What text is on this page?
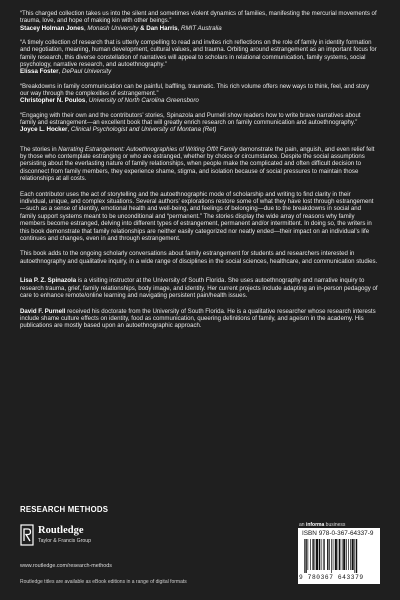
“This charged collection takes us into the silent and sometimes violent dynamics of families, manifesting the mercurial movements of trauma, love, and hope of making kin with other beings.”

Stacey Holman Jones, Monash University & Dan Harris, RMIT Australia

“A timely collection of research that is utterly compelling to read and invites rich reflections on the role of family in identity formation and negotiation, meaning, human development, cultural values, and trauma. Orbiting around estrangement as an important focus for family research, this diverse constellation of narratives will appeal to scholars in relational communication, family systems, social psychology, narrative research, and autoethnography.”

Elissa Foster, DePaul University

“Breakdowns in family communication can be painful, baffling, traumatic. This rich volume offers new ways to think, feel, and story our way through the complexities of estrangement.”

Christopher N. Poulos, University of North Carolina Greensboro

“Engaging with their own and the contributors’ stories, Spinazola and Purnell show readers how to write brave narratives about family and estrangement—an excellent book that will greatly enrich research on family communication and autoethnography.”

Joyce L. Hocker, Clinical Psychologist and University of Montana (Ret)

The stories in Narrating Estrangement: Autoethnographies of Writing Off/t Family demonstrate the pain, anguish, and even relief felt by those who contemplate estranging or who are estranged, whether by choice or circumstance. Despite the social assumptions persisting about the everlasting nature of family relationships, when people make the complicated and often difficult decision to disconnect from family members, they experience shame, stigma, and isolation because of social pressures to maintain those relationships at all costs.

Each contributor uses the act of storytelling and the autoethnographic mode of scholarship and writing to find clarity in their individual, unique, and complex situations. Several authors’ explorations restore some of what they have lost through estrangement—such as a sense of identity, emotional health and well-being, and feelings of belonging—due to the breakdowns in social and family support systems meant to be unconditional and “permanent.” The stories display the wide array of reasons why family members become estranged, delving into different types of estrangement, permanent and/or intermittent. In doing so, the writers in this book demonstrate that family relationships are neither easily categorized nor neatly ended—their impact on an individual’s life continues and changes, even in and through estrangement.

This book adds to the ongoing scholarly conversations about family estrangement for students and researchers interested in autoethnography and qualitative inquiry, in a wide range of disciplines in the social sciences, healthcare, and communication studies.

Lisa P. Z. Spinazola is a visiting instructor at the University of South Florida. She uses autoethnography and narrative inquiry to research trauma, grief, family relationships, body image, and identity. Her current projects include adapting an in-person pedagogy of care to enhance remote/online learning and navigating persistent pain/health issues.

David F. Purnell received his doctorate from the University of South Florida. He is a qualitative researcher whose research interests include shame culture effects on identity, food as communication, queering definitions of family, and ageism in the academy. His publications are mostly based upon an autoethnographic approach.

RESEARCH METHODS
Routledge
Taylor & Francis Group
www.routledge.com/research-methods
Routledge titles are available as eBook editions in a range of digital formats
an informa business
ISBN 978-0-367-64337-9
9 780367 643379
